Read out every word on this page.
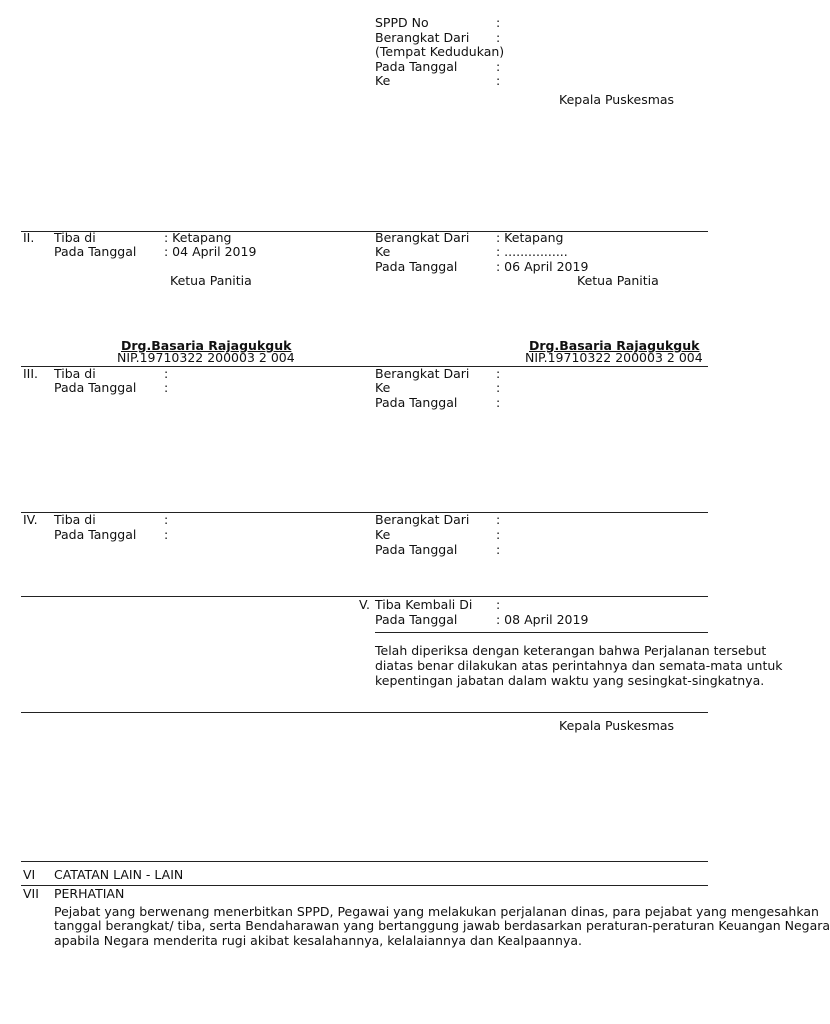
SPPD No	:
Berangkat Dari :
(Tempat Kedudukan)
Pada Tanggal	:
Ke	:
Kepala Puskesmas
II. Tiba di	: Ketapang
Pada Tanggal : 04 April 2019
Ketua Panitia
Berangkat Dari : Ketapang
Ke	: ................
Pada Tanggal	: 06 April 2019
Ketua Panitia
Drg.Basaria Rajagukguk
NIP.19710322 200003 2 004
Drg.Basaria Rajagukguk
NIP.19710322 200003 2 004
III. Tiba di	:
Pada Tanggal :
Berangkat Dari :
Ke	:
Pada Tanggal	:
IV. Tiba di	:
Pada Tanggal :
Berangkat Dari :
Ke	:
Pada Tanggal	:
V. Tiba Kembali Di :
Pada Tanggal	: 08 April 2019
Telah diperiksa dengan keterangan bahwa Perjalanan tersebut
diatas benar dilakukan atas perintahnya dan semata-mata untuk
kepentingan jabatan dalam waktu yang sesingkat-singkatnya.
Kepala Puskesmas
VI CATATAN LAIN - LAIN
VII PERHATIAN
Pejabat yang berwenang menerbitkan SPPD, Pegawai yang melakukan perjalanan dinas, para pejabat yang mengesahkan
tanggal berangkat/ tiba, serta Bendaharawan yang bertanggung jawab berdasarkan peraturan-peraturan Keuangan Negara
apabila Negara menderita rugi akibat kesalahannya, kelalaiannya dan Kealpaannya.
